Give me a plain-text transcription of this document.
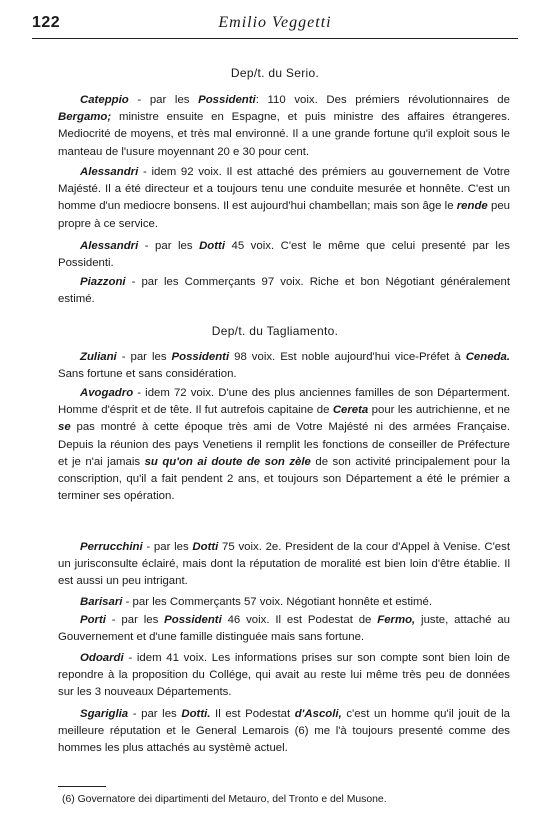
122	Emilio Veggetti
Dep/t. du Serio.

Cateppio - par les Possidenti: 110 voix. Des prémiers révolutionnaires de Bergamo; ministre ensuite en Espagne, et puis ministre des affaires étrangeres. Mediocrité de moyens, et très mal environné. Il a une grande fortune qu'il exploit sous le manteau de l'usure moyennant 20 e 30 pour cent.

Alessandri - idem 92 voix. Il est attaché des prémiers au gouvernement de Votre Majésté. Il a été directeur et a toujours tenu une conduite mesurée et honnête. C'est un homme d'un mediocre bonsens. Il est aujourd'hui chambellan; mais son âge le rende peu propre à ce service.

Alessandri - par les Dotti 45 voix. C'est le même que celui presenté par les Possidenti.

Piazzoni - par les Commerçants 97 voix. Riche et bon Négotiant généralement estimé.

Dep/t. du Tagliamento.

Zuliani - par les Possidenti 98 voix. Est noble aujourd'hui vice-Préfet à Ceneda. Sans fortune et sans considération.

Avogadro - idem 72 voix. D'une des plus anciennes familles de son Départerment. Homme d'ésprit et de tête. Il fut autrefois capitaine de Cereta pour les autrichienne, et ne se pas montré à cette époque très ami de Votre Majésté ni des armées Française. Depuis la réunion des pays Venetiens il remplit les fonctions de conseiller de Préfecture et je n'ai jamais su qu'on ai doute de son zèle de son activité principalement pour la conscription, qu'il a fait pendent 2 ans, et toujours son Département a été le prémier a terminer ses opération.

Perrucchini - par les Dotti 75 voix. 2e. President de la cour d'Appel à Venise. C'est un jurisconsulte éclairé, mais dont la réputation de moralité est bien loin d'être établie. Il est aussi un peu intrigant.

Barisari - par les Commerçants 57 voix. Négotiant honnête et estimé.

Porti - par les Possidenti 46 voix. Il est Podestat de Fermo, juste, attaché au Gouvernement et d'une famille distinguée mais sans fortune.

Odoardi - idem 41 voix. Les informations prises sur son compte sont bien loin de repondre à la proposition du Collége, qui avait au reste lui même très peu de données sur les 3 nouveaux Départements.

Sgariglia - par les Dotti. Il est Podestat d'Ascoli, c'est un homme qu'il jouit de la meilleure réputation et le General Lemarois (6) me l'à toujours presenté comme des hommes les plus attachés au systèmè actuel.

(6) Governatore dei dipartimenti del Metauro, del Tronto e del Musone.
